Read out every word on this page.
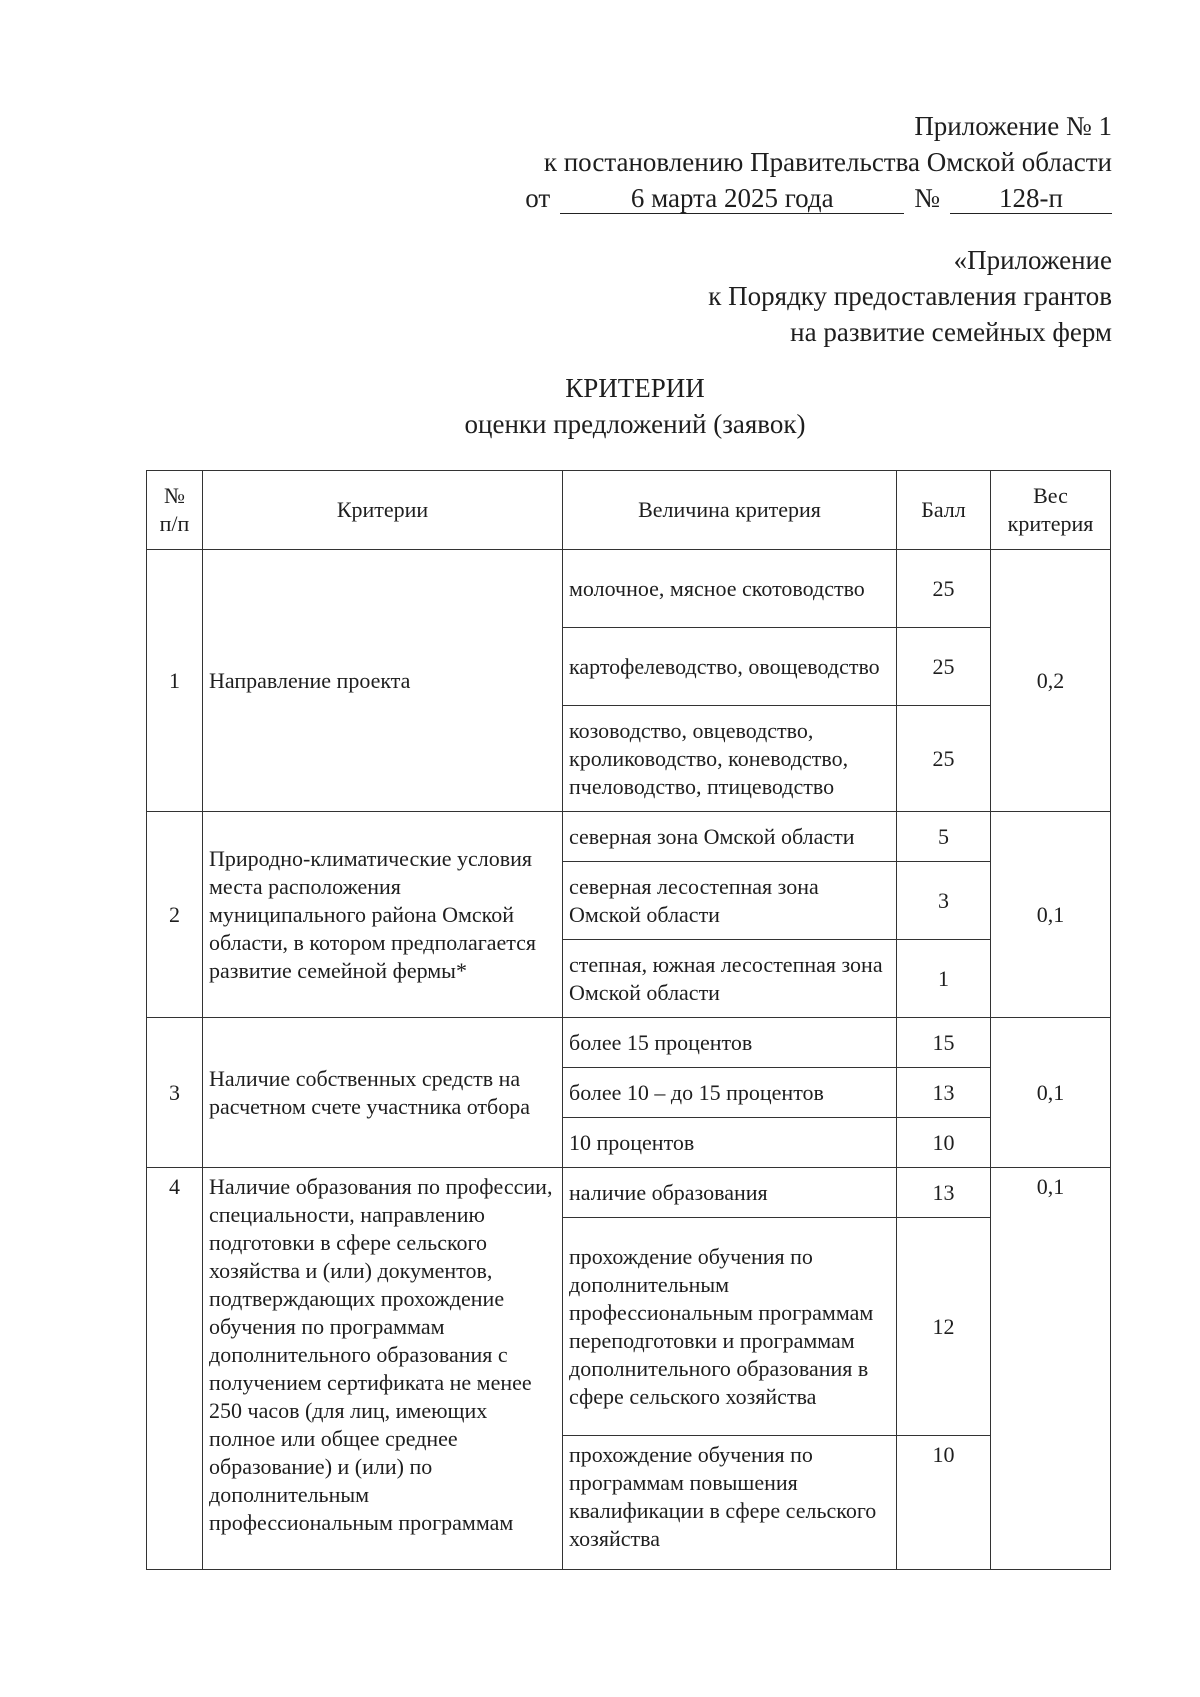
Приложение № 1
к постановлению Правительства Омской области
от	6 марта 2025 года	№ 128-п
«Приложение
к Порядку предоставления грантов
на развитие семейных ферм
КРИТЕРИИ
оценки предложений (заявок)
№ п/п	Критерии	Величина критерия	Балл	Вес критерия
1	Направление проекта	молочное, мясное скотоводство	25	0,2
		картофелеводство, овощеводство	25	
		козоводство, овцеводство, кролиководство, коневодство, пчеловодство, птицеводство	25	
2	Природно-климатические условия места расположения муниципального района Омской области, в котором предполагается развитие семейной фермы*	северная зона Омской области	5	0,1
		северная лесостепная зона Омской области	3	
		степная, южная лесостепная зона Омской области	1	
3	Наличие собственных средств на расчетном счете участника отбора	более 15 процентов	15	0,1
		более 10 – до 15 процентов	13	
		10 процентов	10	
4	Наличие образования по профессии, специальности, направлению подготовки в сфере сельского хозяйства и (или) документов, подтверждающих прохождение обучения по программам дополнительного образования с получением сертификата не менее 250 часов (для лиц, имеющих полное или общее среднее образование) и (или) по дополнительным профессиональным программам	наличие образования	13	0,1
		прохождение обучения по дополнительным профессиональным программам переподготовки и программам дополнительного образования в сфере сельского хозяйства	12	
		прохождение обучения по программам повышения квалификации в сфере сельского хозяйства	10	
